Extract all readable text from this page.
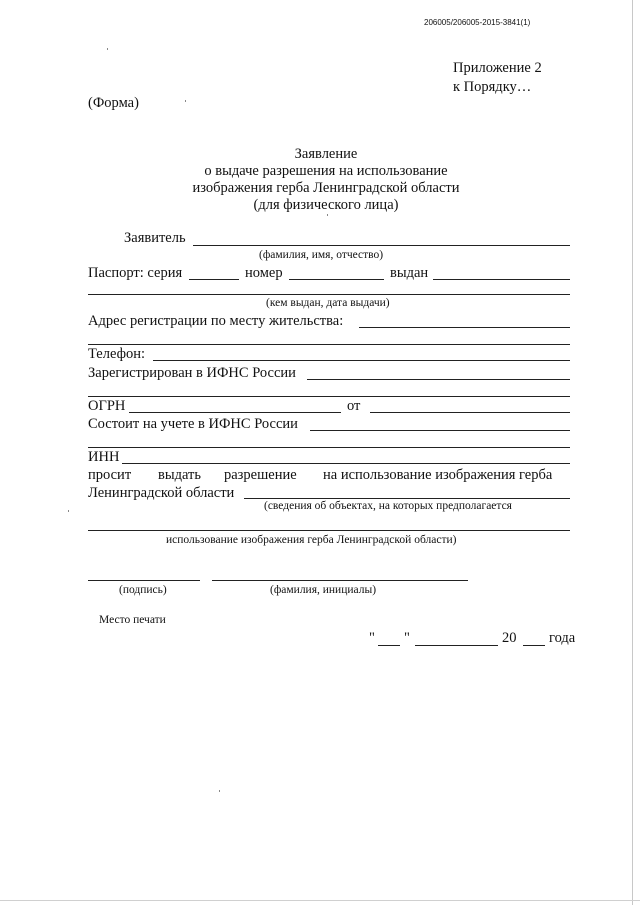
206005/206005-2015-3841(1)
Приложение 2
к Порядку…
(Форма)
Заявление
о выдаче разрешения на использование
изображения герба Ленинградской области
(для физического лица)
Заявитель
(фамилия, имя, отчество)
Паспорт: серия	номер	выдан
(кем выдан, дата выдачи)
Адрес регистрации по месту жительства:
Телефон:
Зарегистрирован в ИФНС России
ОГРН	от
Состоит на учете в ИФНС России
ИНН
просит выдать разрешение на использование изображения герба
Ленинградской области
(сведения об объектах, на которых предполагается
использование изображения герба Ленинградской области)
(подпись)	(фамилия, инициалы)
Место печати
" "	20 года
